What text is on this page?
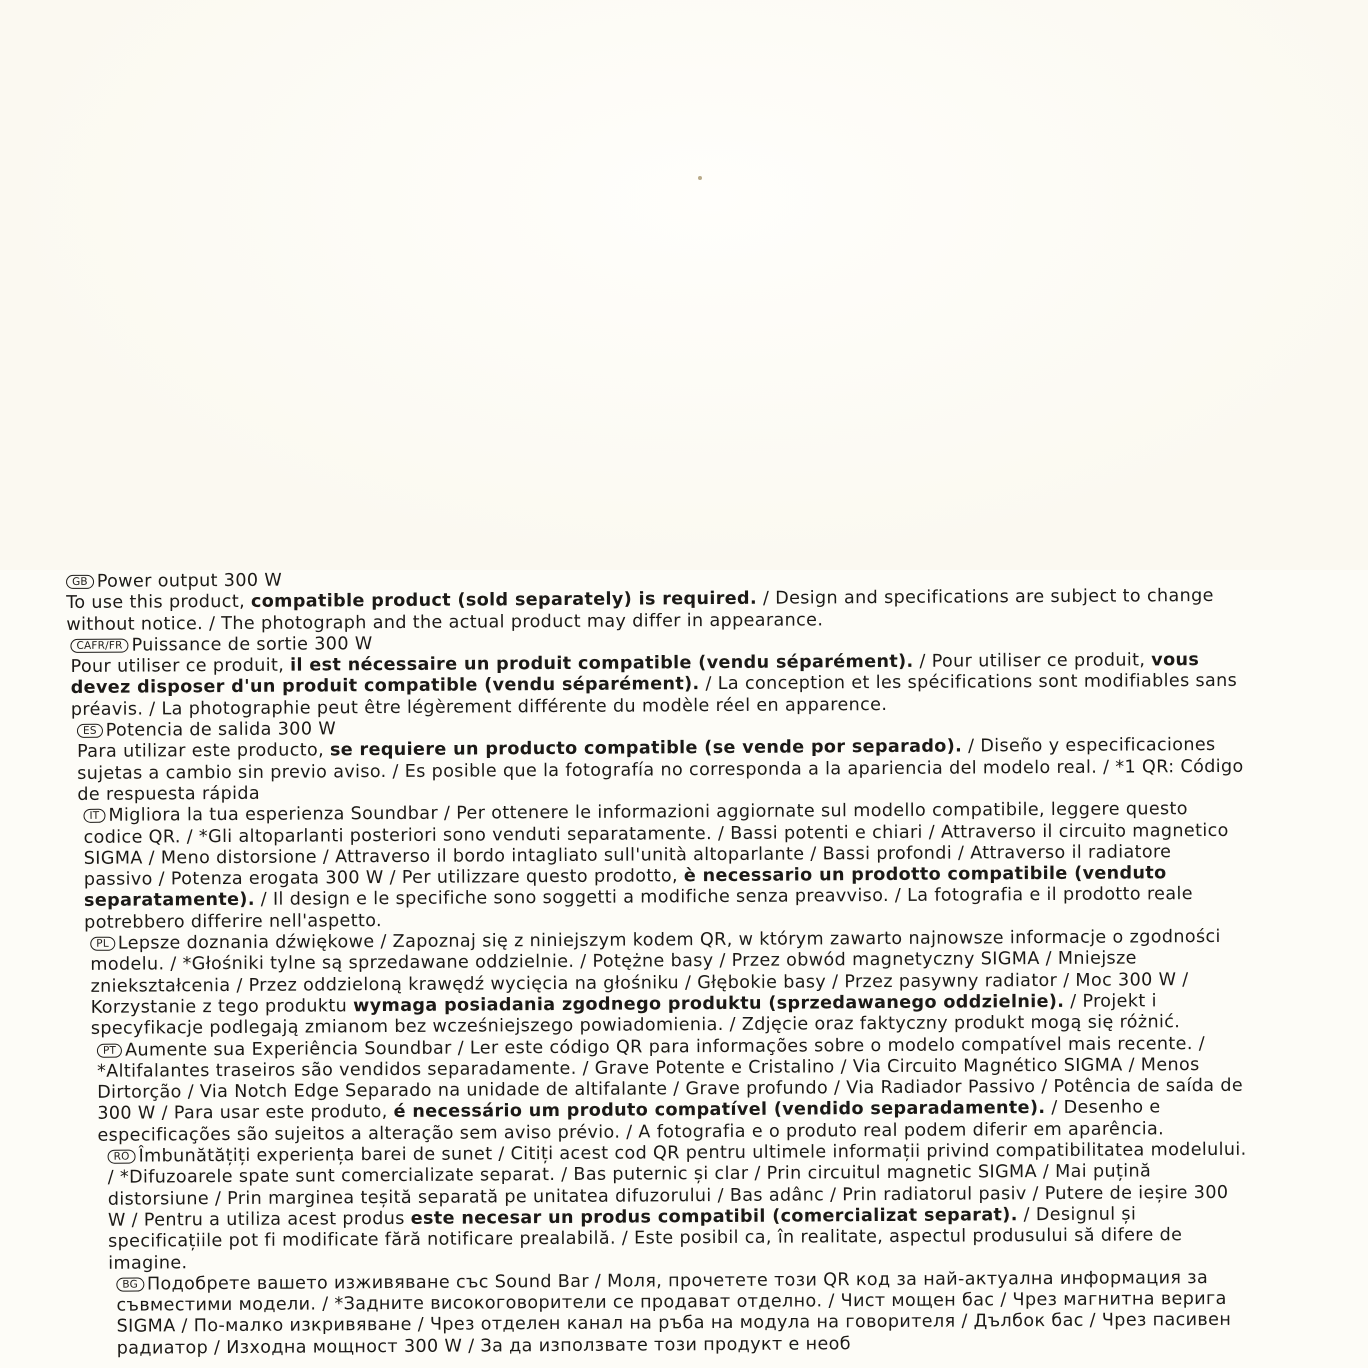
GB Power output 300 W

To use this product, compatible product (sold separately) is required. / Design and specifications are subject to change without notice. / The photograph and the actual product may differ in appearance.

CAFR/FR Puissance de sortie 300 W

Pour utiliser ce produit, il est nécessaire un produit compatible (vendu séparément). / Pour utiliser ce produit, vous devez disposer d'un produit compatible (vendu séparément). / La conception et les spécifications sont modifiables sans préavis. / La photographie peut être légèrement différente du modèle réel en apparence.

ES Potencia de salida 300 W

Para utilizar este producto, se requiere un producto compatible (se vende por separado). / Diseño y especificaciones sujetas a cambio sin previo aviso. / Es posible que la fotografía no corresponda a la apariencia del modelo real. / *1 QR: Código de respuesta rápida

IT Migliora la tua esperienza Soundbar / Per ottenere le informazioni aggiornate sul modello compatibile, leggere questo codice QR. / *Gli altoparlanti posteriori sono venduti separatamente. / Bassi potenti e chiari / Attraverso il circuito magnetico SIGMA / Meno distorsione / Attraverso il bordo intagliato sull'unità altoparlante / Bassi profondi / Attraverso il radiatore passivo / Potenza erogata 300 W / Per utilizzare questo prodotto, è necessario un prodotto compatibile (venduto separatamente). / Il design e le specifiche sono soggetti a modifiche senza preavviso. / La fotografia e il prodotto reale potrebbero differire nell'aspetto.

PL Lepsze doznania dźwiękowe / Zapoznaj się z niniejszym kodem QR, w którym zawarto najnowsze informacje o zgodności modelu. / *Głośniki tylne są sprzedawane oddzielnie. / Potężne basy / Przez obwód magnetyczny SIGMA / Mniejsze zniekształcenia / Przez oddzieloną krawędź wycięcia na głośniku / Głębokie basy / Przez pasywny radiator / Moc 300 W / Korzystanie z tego produktu wymaga posiadania zgodnego produktu (sprzedawanego oddzielnie). / Projekt i specyfikacje podlegają zmianom bez wcześniejszego powiadomienia. / Zdjęcie oraz faktyczny produkt mogą się różnić.

PT Aumente sua Experiência Soundbar / Ler este código QR para informações sobre o modelo compatível mais recente. / *Altifalantes traseiros são vendidos separadamente. / Grave Potente e Cristalino / Via Circuito Magnético SIGMA / Menos Dirtorção / Via Notch Edge Separado na unidade de altifalante / Grave profundo / Via Radiador Passivo / Potência de saída de 300 W / Para usar este produto, é necessário um produto compatível (vendido separadamente). / Desenho e especificações são sujeitos a alteração sem aviso prévio. / A fotografia e o produto real podem diferir em aparência.

RO Îmbunătățiți experiența barei de sunet / Citiți acest cod QR pentru ultimele informații privind compatibilitatea modelului. / *Difuzoarele spate sunt comercializate separat. / Bas puternic și clar / Prin circuitul magnetic SIGMA / Mai puțină distorsiune / Prin marginea teșită separată pe unitatea difuzorului / Bas adânc / Prin radiatorul pasiv / Putere de ieșire 300 W / Pentru a utiliza acest produs este necesar un produs compatibil (comercializat separat). / Designul și specificațiile pot fi modificate fără notificare prealabilă. / Este posibil ca, în realitate, aspectul produsului să difere de imagine.

BG Подобрете вашето изживяване със Sound Bar / Моля, прочетете този QR код за най-актуална информация за съвместими модели. / *Задните високоговорители се продават отделно. / Чист мощен бас / Чрез магнитна верига SIGMA / По-малко изкривяване / Чрез отделен канал на ръба на модула на говорителя / Дълбок бас / Чрез пасивен радиатор / Изходна мощност 300 W / За да използвате този продукт е необ
